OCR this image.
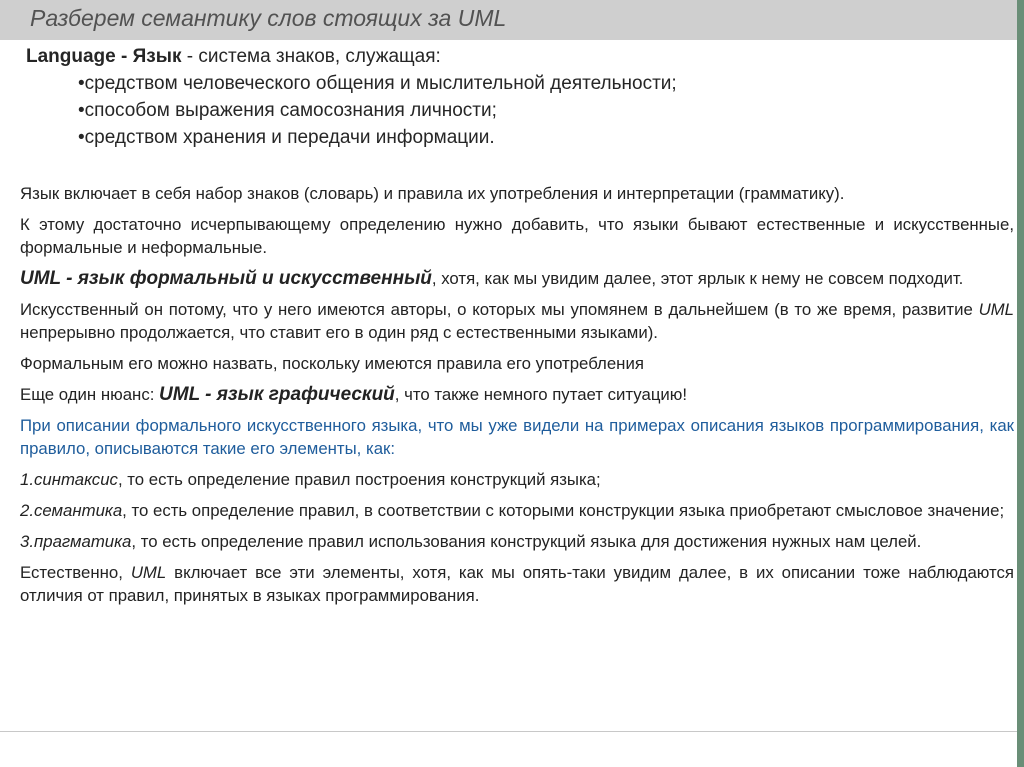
Разберем семантику слов стоящих за UML
Language - Язык - система знаков, служащая:
•средством человеческого общения и мыслительной деятельности;
•способом выражения самосознания личности;
•средством хранения и передачи информации.

Язык включает в себя набор знаков (словарь) и правила их употребления и интерпретации (грамматику).

К этому достаточно исчерпывающему определению нужно добавить, что языки бывают естественные и искусственные, формальные и неформальные.

UML - язык формальный и искусственный, хотя, как мы увидим далее, этот ярлык к нему не совсем подходит.

Искусственный он потому, что у него имеются авторы, о которых мы упомянем в дальнейшем (в то же время, развитие UML непрерывно продолжается, что ставит его в один ряд с естественными языками).

Формальным его можно назвать, поскольку имеются правила его употребления

Еще один нюанс: UML - язык графический, что также немного путает ситуацию!

При описании формального искусственного языка, что мы уже видели на примерах описания языков программирования, как правило, описываются такие его элементы, как:

1.синтаксис, то есть определение правил построения конструкций языка;

2.семантика, то есть определение правил, в соответствии с которыми конструкции языка приобретают смысловое значение;

3.прагматика, то есть определение правил использования конструкций языка для достижения нужных нам целей.

Естественно, UML включает все эти элементы, хотя, как мы опять-таки увидим далее, в их описании тоже наблюдаются отличия от правил, принятых в языках программирования.
